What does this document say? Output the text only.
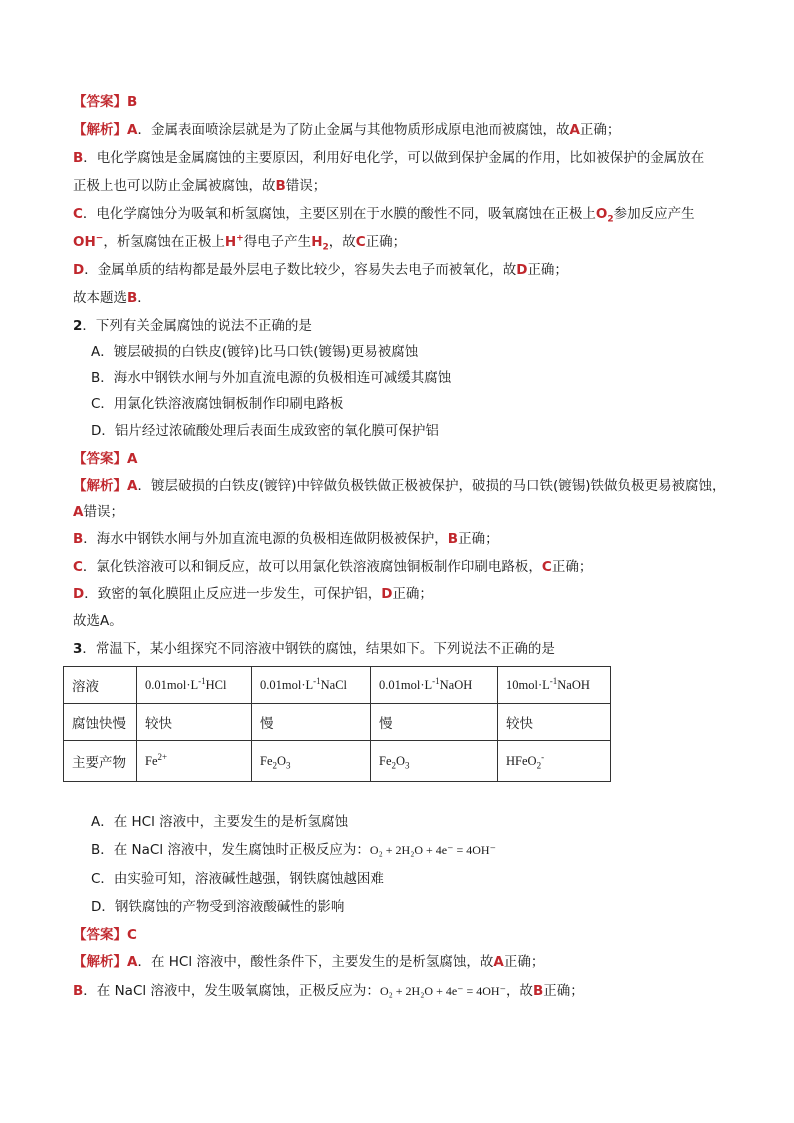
【答案】B
【解析】A．金属表面喷涂层就是为了防止金属与其他物质形成原电池而被腐蚀，故A正确；
B．电化学腐蚀是金属腐蚀的主要原因，利用好电化学，可以做到保护金属的作用，比如被保护的金属放在
正极上也可以防止金属被腐蚀，故B错误；
C．电化学腐蚀分为吸氧和析氢腐蚀，主要区别在于水膜的酸性不同，吸氧腐蚀在正极上$O_2$参加反应产生
OH−，析氢腐蚀在正极上H+得电子产生$H_2$，故C正确；
D．金属单质的结构都是最外层电子数比较少，容易失去电子而被氧化，故D正确；
故本题选B．
2．下列有关金属腐蚀的说法不正确的是
A．镀层破损的白铁皮(镀锌)比马口铁(镀锡)更易被腐蚀
B．海水中钢铁水闸与外加直流电源的负极相连可减缓其腐蚀
C．用氯化铁溶液腐蚀铜板制作印刷电路板
D．铝片经过浓硫酸处理后表面生成致密的氧化膜可保护铝
【答案】A
【解析】A．镀层破损的白铁皮(镀锌)中锌做负极铁做正极被保护，破损的马口铁(镀锡)铁做负极更易被腐蚀，
A错误；
B．海水中钢铁水闸与外加直流电源的负极相连做阴极被保护，B正确；
C．氯化铁溶液可以和铜反应，故可以用氯化铁溶液腐蚀铜板制作印刷电路板，C正确；
D．致密的氧化膜阻止反应进一步发生，可保护铝，D正确；
故选A。
3．常温下，某小组探究不同溶液中钢铁的腐蚀，结果如下。下列说法不正确的是
溶液	$0.01mol\cdot L^{-1}HCl$	$0.01mol\cdot L^{-1}NaCl$	$0.01mol\cdot L^{-1}NaOH$	$10mol\cdot L^{-1}NaOH$
腐蚀快慢	较快	慢	慢	较快
主要产物	$Fe^{2+}$	$Fe_2O_3$	$Fe_2O_3$	HFeO$_2$-
A．在 HCl 溶液中，主要发生的是析氢腐蚀
B．在 NaCl 溶液中，发生腐蚀时正极反应为：O₂ + 2H₂O + 4e⁻ = 4OH⁻
C．由实验可知，溶液碱性越强，钢铁腐蚀越困难
D．钢铁腐蚀的产物受到溶液酸碱性的影响
【答案】C
【解析】A．在 HCl 溶液中，酸性条件下，主要发生的是析氢腐蚀，故A正确；
B．在 NaCl 溶液中，发生吸氧腐蚀，正极反应为：O₂ + 2H₂O + 4e⁻ = 4OH⁻，故B正确；
